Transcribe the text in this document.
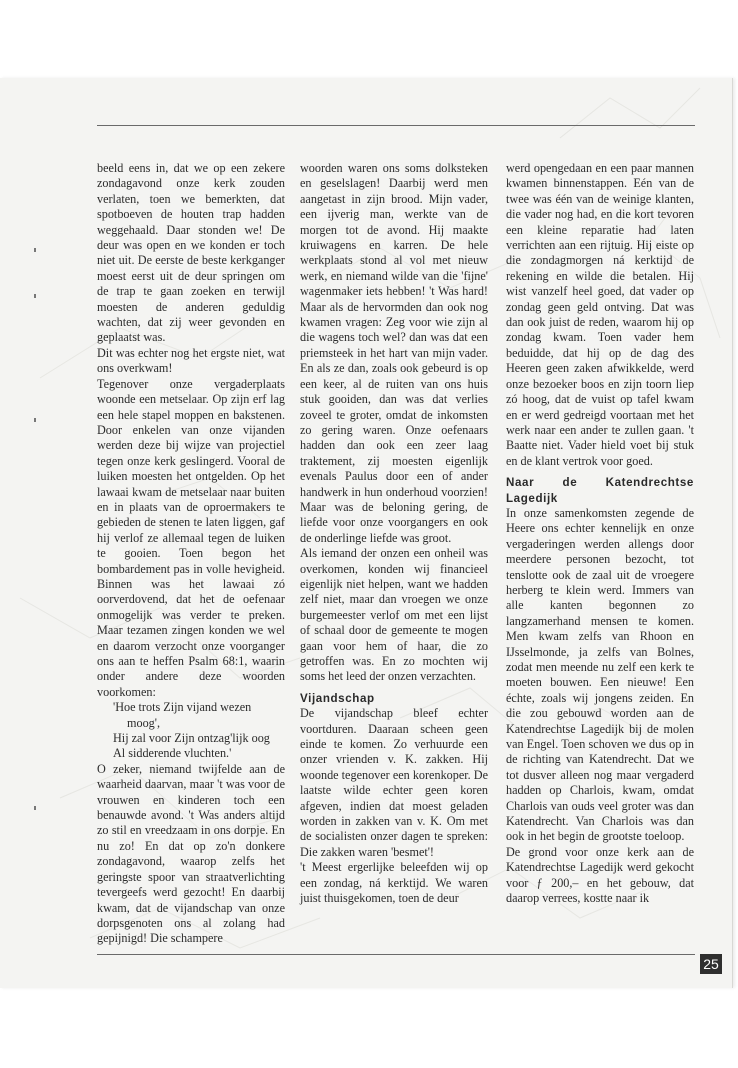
beeld eens in, dat we op een zekere zondagavond onze kerk zouden verlaten, toen we bemerkten, dat spotboeven de houten trap hadden weggehaald. Daar stonden we! De deur was open en we konden er toch niet uit. De eerste de beste kerkganger moest eerst uit de deur springen om de trap te gaan zoeken en terwijl moesten de anderen geduldig wachten, dat zij weer gevonden en geplaatst was.

Dit was echter nog het ergste niet, wat ons overkwam!

Tegenover onze vergaderplaats woonde een metselaar. Op zijn erf lag een hele stapel moppen en bakstenen. Door enkelen van onze vijanden werden deze bij wijze van projectiel tegen onze kerk geslingerd. Vooral de luiken moesten het ontgelden. Op het lawaai kwam de metselaar naar buiten en in plaats van de oproermakers te gebieden de stenen te laten liggen, gaf hij verlof ze allemaal tegen de luiken te gooien. Toen begon het bombardement pas in volle hevigheid. Binnen was het lawaai zó oorverdovend, dat het de oefenaar onmogelijk was verder te preken. Maar tezamen zingen konden we wel en daarom verzocht onze voorganger ons aan te heffen Psalm 68:1, waarin onder andere deze woorden voorkomen:

'Hoe trots Zijn vijand wezen
moog',
Hij zal voor Zijn ontzag'lijk oog
Al sidderende vluchten.'

O zeker, niemand twijfelde aan de waarheid daarvan, maar 't was voor de vrouwen en kinderen toch een benauwde avond. 't Was anders altijd zo stil en vreedzaam in ons dorpje. En nu zo! En dat op zo'n donkere zondagavond, waarop zelfs het geringste spoor van straatverlichting tevergeefs werd gezocht! En daarbij kwam, dat de vijandschap van onze dorpsgenoten ons al zolang had gepijnigd! Die schampere

woorden waren ons soms dolksteken en geselslagen! Daarbij werd men aangetast in zijn brood. Mijn vader, een ijverig man, werkte van de morgen tot de avond. Hij maakte kruiwagens en karren. De hele werkplaats stond al vol met nieuw werk, en niemand wilde van die 'fijne' wagenmaker iets hebben! 't Was hard! Maar als de hervormden dan ook nog kwamen vragen: Zeg voor wie zijn al die wagens toch wel? dan was dat een priemsteek in het hart van mijn vader. En als ze dan, zoals ook gebeurd is op een keer, al de ruiten van ons huis stuk gooiden, dan was dat verlies zoveel te groter, omdat de inkomsten zo gering waren. Onze oefenaars hadden dan ook een zeer laag traktement, zij moesten eigenlijk evenals Paulus door een of ander handwerk in hun onderhoud voorzien! Maar was de beloning gering, de liefde voor onze voorgangers en ook de onderlinge liefde was groot.

Als iemand der onzen een onheil was overkomen, konden wij financieel eigenlijk niet helpen, want we hadden zelf niet, maar dan vroegen we onze burgemeester verlof om met een lijst of schaal door de gemeente te mogen gaan voor hem of haar, die zo getroffen was. En zo mochten wij soms het leed der onzen verzachten.

Vijandschap

De vijandschap bleef echter voortduren. Daaraan scheen geen einde te komen. Zo verhuurde een onzer vrienden v. K. zakken. Hij woonde tegenover een korenkoper. De laatste wilde echter geen koren afgeven, indien dat moest geladen worden in zakken van v. K. Om met de socialisten onzer dagen te spreken: Die zakken waren 'besmet'!

't Meest ergerlijke beleefden wij op een zondag, ná kerktijd. We waren juist thuisgekomen, toen de deur

werd opengedaan en een paar mannen kwamen binnenstappen. Eén van de twee was één van de weinige klanten, die vader nog had, en die kort tevoren een kleine reparatie had laten verrichten aan een rijtuig. Hij eiste op die zondagmorgen ná kerktijd de rekening en wilde die betalen. Hij wist vanzelf heel goed, dat vader op zondag geen geld ontving. Dat was dan ook juist de reden, waarom hij op zondag kwam. Toen vader hem beduidde, dat hij op de dag des Heeren geen zaken afwikkelde, werd onze bezoeker boos en zijn toorn liep zó hoog, dat de vuist op tafel kwam en er werd gedreigd voortaan met het werk naar een ander te zullen gaan. 't Baatte niet. Vader hield voet bij stuk en de klant vertrok voor goed.

Naar de Katendrechtse Lagedijk

In onze samenkomsten zegende de Heere ons echter kennelijk en onze vergaderingen werden allengs door meerdere personen bezocht, tot tenslotte ook de zaal uit de vroegere herberg te klein werd. Immers van alle kanten begonnen zo langzamerhand mensen te komen. Men kwam zelfs van Rhoon en IJsselmonde, ja zelfs van Bolnes, zodat men meende nu zelf een kerk te moeten bouwen. Een nieuwe! Een échte, zoals wij jongens zeiden. En die zou gebouwd worden aan de Katendrechtse Lagedijk bij de molen van Engel. Toen schoven we dus op in de richting van Katendrecht. Dat we tot dusver alleen nog maar vergaderd hadden op Charlois, kwam, omdat Charlois van ouds veel groter was dan Katendrecht. Van Charlois was dan ook in het begin de grootste toeloop.

De grond voor onze kerk aan de Katendrechtse Lagedijk werd gekocht voor ƒ 200,– en het gebouw, dat daarop verrees, kostte naar ik

25
